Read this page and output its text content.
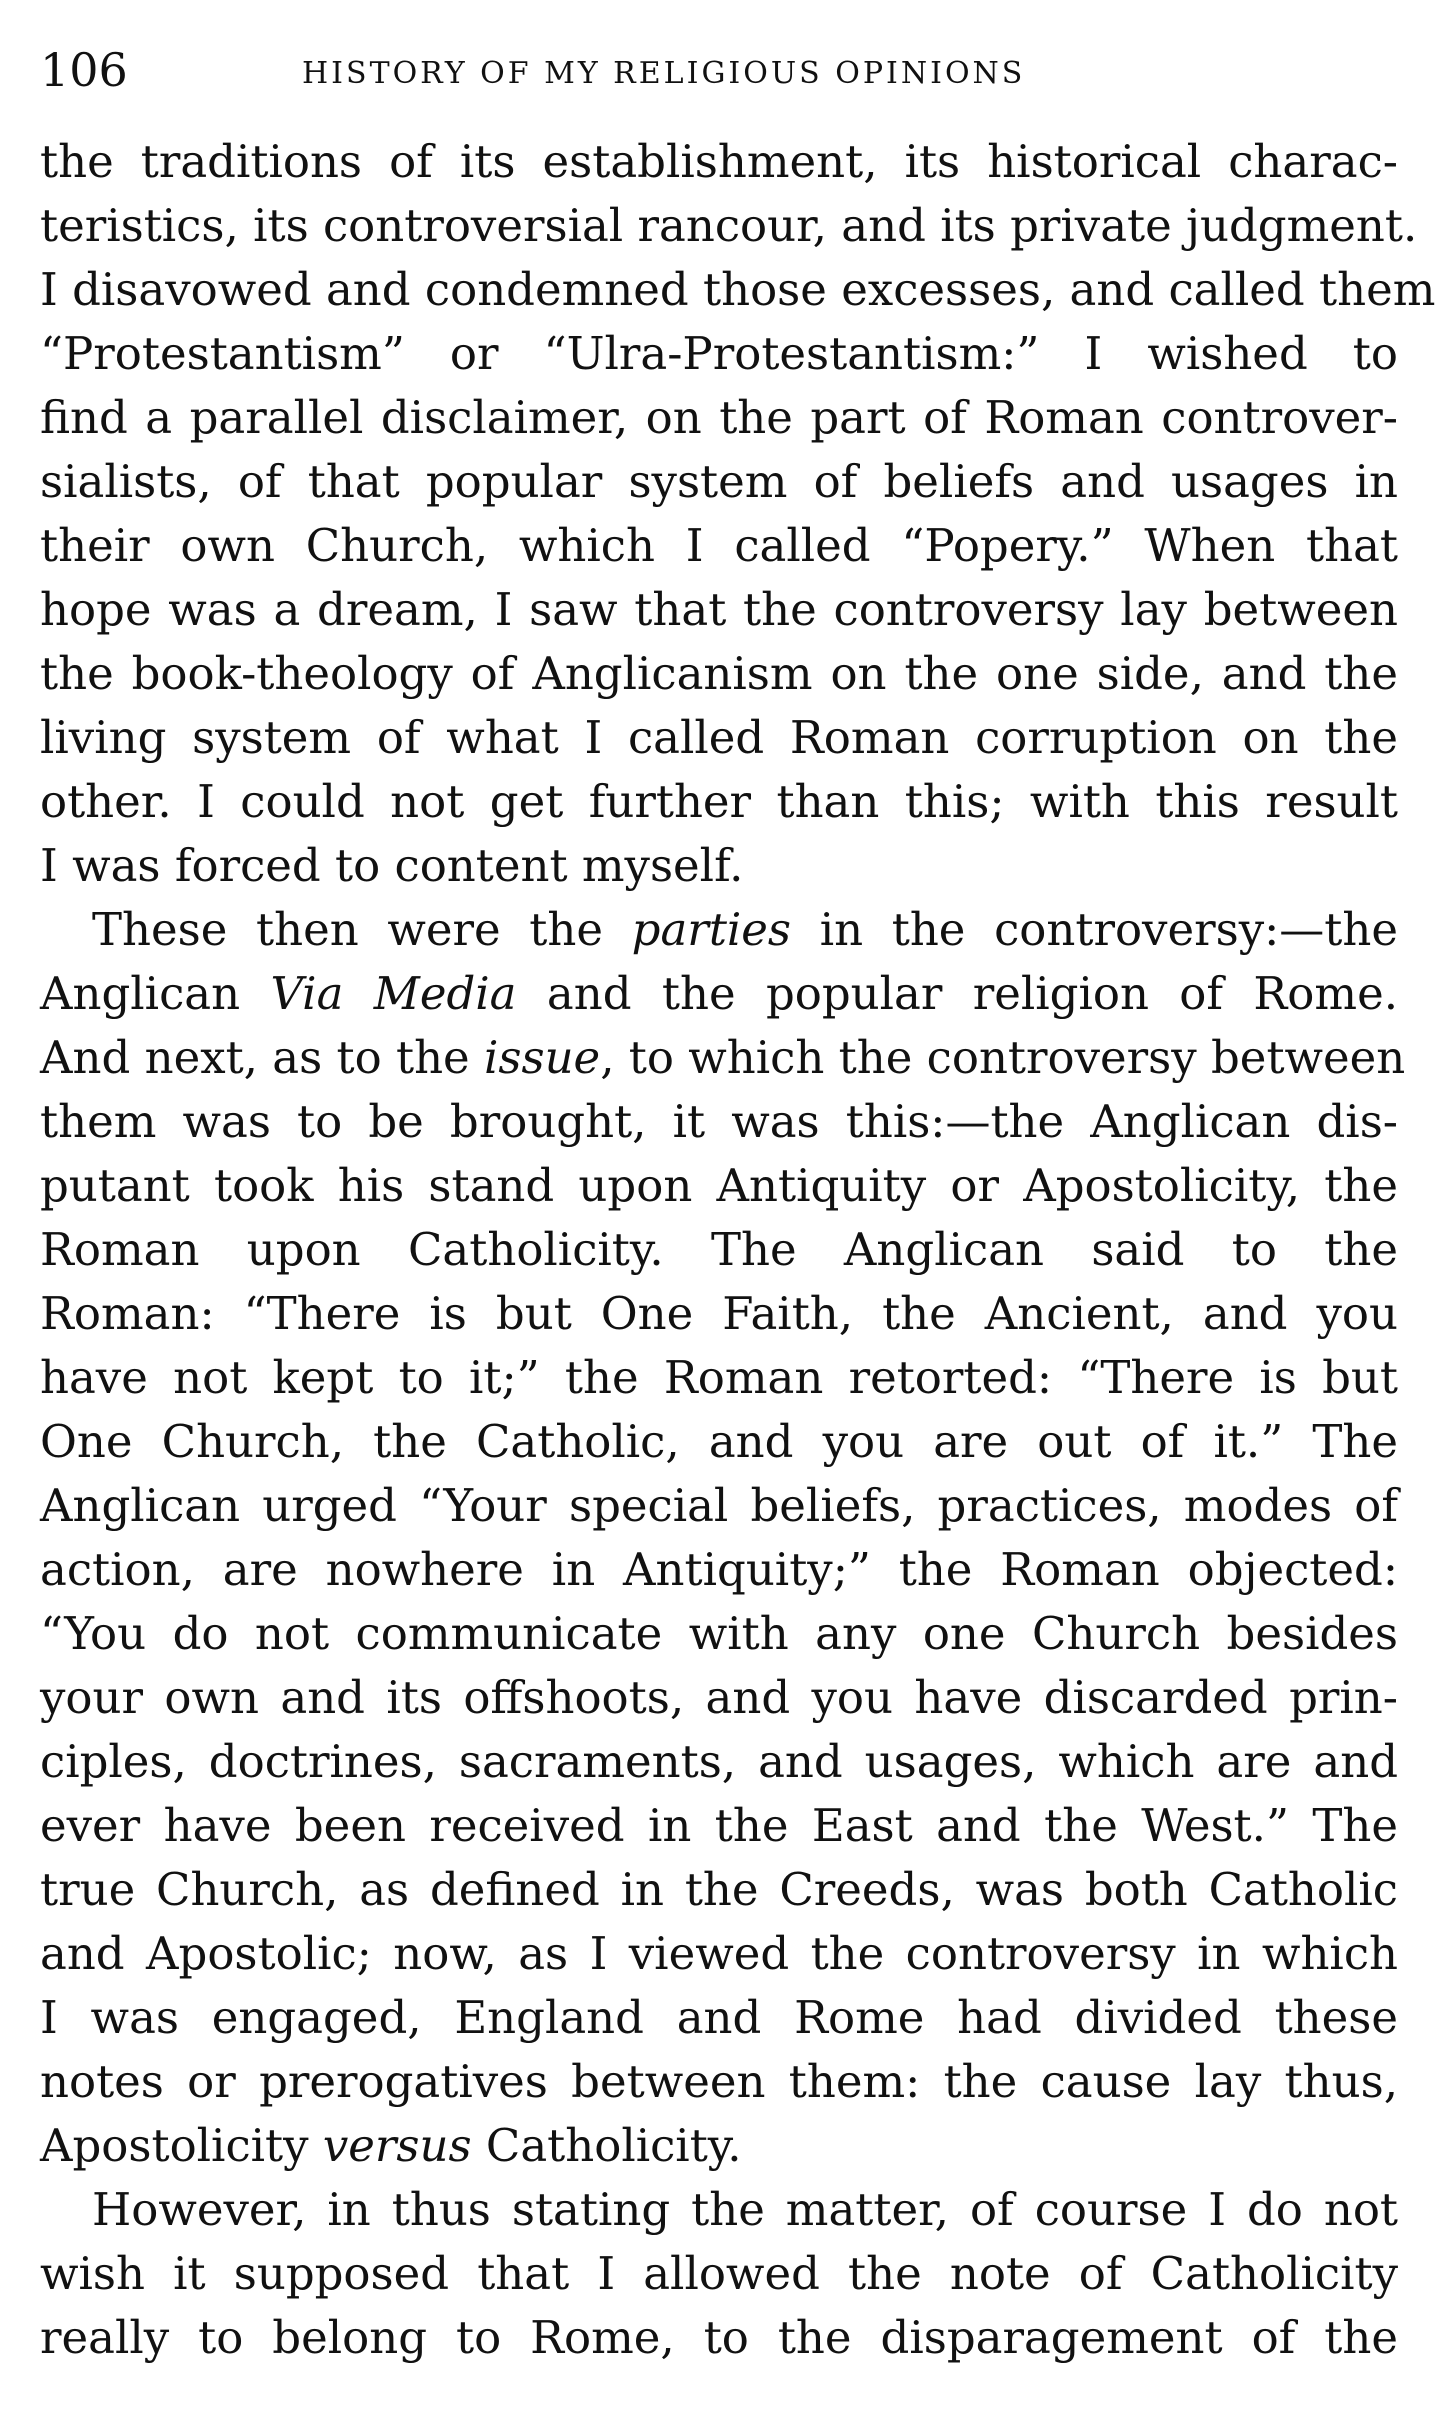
106	HISTORY OF MY RELIGIOUS OPINIONS
the traditions of its establishment, its historical charac-
teristics, its controversial rancour, and its private judgment.
I disavowed and condemned those excesses, and called them
“Protestantism” or “Ulra-Protestantism:” I wished to
find a parallel disclaimer, on the part of Roman controver-
sialists, of that popular system of beliefs and usages in
their own Church, which I called “Popery.” When that
hope was a dream, I saw that the controversy lay between
the book-theology of Anglicanism on the one side, and the
living system of what I called Roman corruption on the
other. I could not get further than this; with this result
I was forced to content myself.
These then were the parties in the controversy:—the
Anglican Via Media and the popular religion of Rome.
And next, as to the issue, to which the controversy between
them was to be brought, it was this:—the Anglican dis-
putant took his stand upon Antiquity or Apostolicity, the
Roman upon Catholicity. The Anglican said to the
Roman: “There is but One Faith, the Ancient, and you
have not kept to it;” the Roman retorted: “There is but
One Church, the Catholic, and you are out of it.” The
Anglican urged “Your special beliefs, practices, modes of
action, are nowhere in Antiquity;” the Roman objected:
“You do not communicate with any one Church besides
your own and its offshoots, and you have discarded prin-
ciples, doctrines, sacraments, and usages, which are and
ever have been received in the East and the West.” The
true Church, as defined in the Creeds, was both Catholic
and Apostolic; now, as I viewed the controversy in which
I was engaged, England and Rome had divided these
notes or prerogatives between them: the cause lay thus,
Apostolicity versus Catholicity.
However, in thus stating the matter, of course I do not
wish it supposed that I allowed the note of Catholicity
really to belong to Rome, to the disparagement of the
